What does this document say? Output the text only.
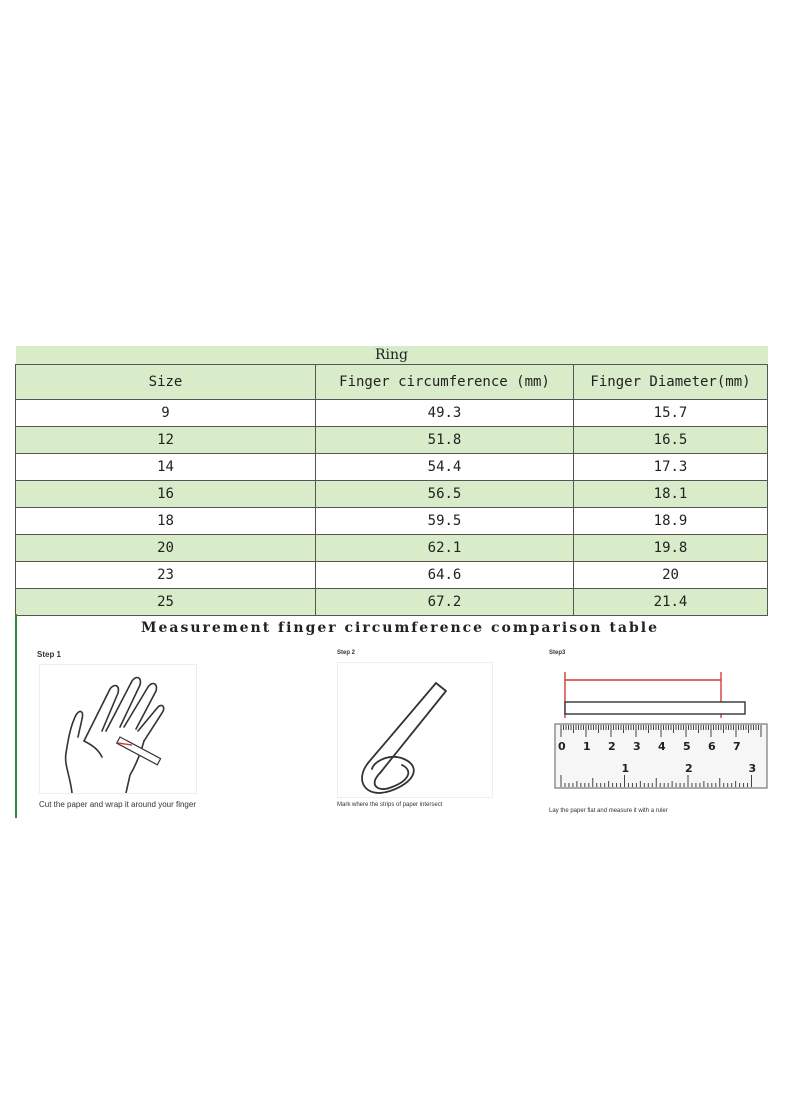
Ring		
Size	Finger circumference (mm)	Finger Diameter(mm)
9	49.3	15.7
12	51.8	16.5
14	54.4	17.3
16	56.5	18.1
18	59.5	18.9
20	62.1	19.8
23	64.6	20
25	67.2	21.4
Measurement finger circumference comparison table
Step 1
Cut the paper and wrap it around your finger
Step 2
Mark where the strips of paper intersect
Step3
0 1 2 3 4 5 6 7
1	2	3
Lay the paper flat and measure it with a ruler
